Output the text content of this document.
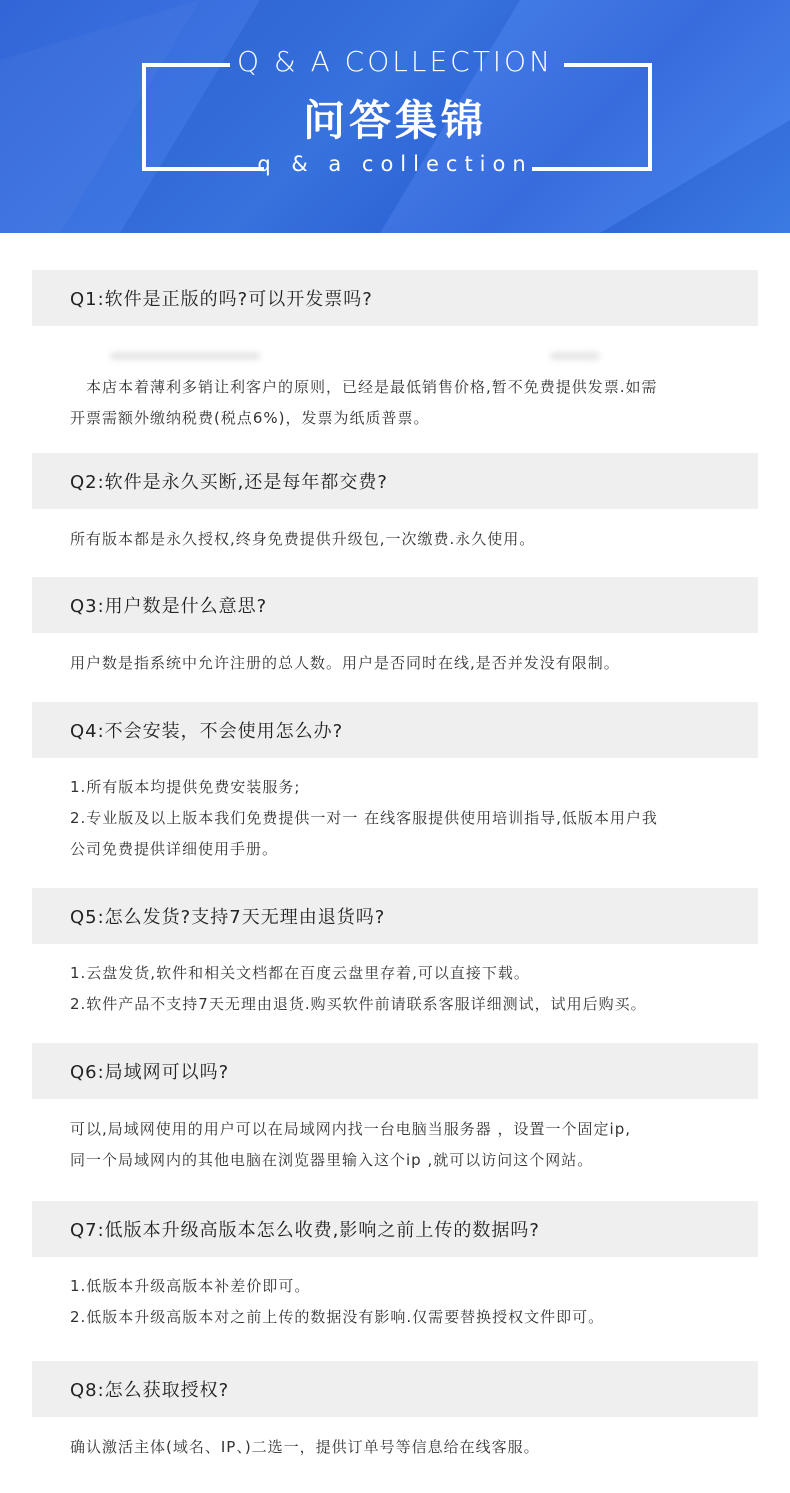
Q & A COLLECTION
问答集锦
q & a collection
Q1:软件是正版的吗?可以开发票吗?
本店本着薄利多销让利客户的原则，已经是最低销售价格,暂不免费提供发票.如需
开票需额外缴纳税费(税点6%)，发票为纸质普票。
Q2:软件是永久买断,还是每年都交费?
所有版本都是永久授权,终身免费提供升级包,一次缴费.永久使用。
Q3:用户数是什么意思?
用户数是指系统中允许注册的总人数。用户是否同时在线,是否并发没有限制。
Q4:不会安装，不会使用怎么办?
1.所有版本均提供免费安装服务;
2.专业版及以上版本我们免费提供一对一 在线客服提供使用培训指导,低版本用户我
公司免费提供详细使用手册。
Q5:怎么发货?支持7天无理由退货吗?
1.云盘发货,软件和相关文档都在百度云盘里存着,可以直接下载。
2.软件产品不支持7天无理由退货.购买软件前请联系客服详细测试，试用后购买。
Q6:局域网可以吗?
可以,局域网使用的用户可以在局域网内找一台电脑当服务器 ，设置一个固定ip,
同一个局域网内的其他电脑在浏览器里输入这个ip ,就可以访问这个网站。
Q7:低版本升级高版本怎么收费,影响之前上传的数据吗?
1.低版本升级高版本补差价即可。
2.低版本升级高版本对之前上传的数据没有影响.仅需要替换授权文件即可。
Q8:怎么获取授权?
确认激活主体(域名、IP、)二选一，提供订单号等信息给在线客服。
